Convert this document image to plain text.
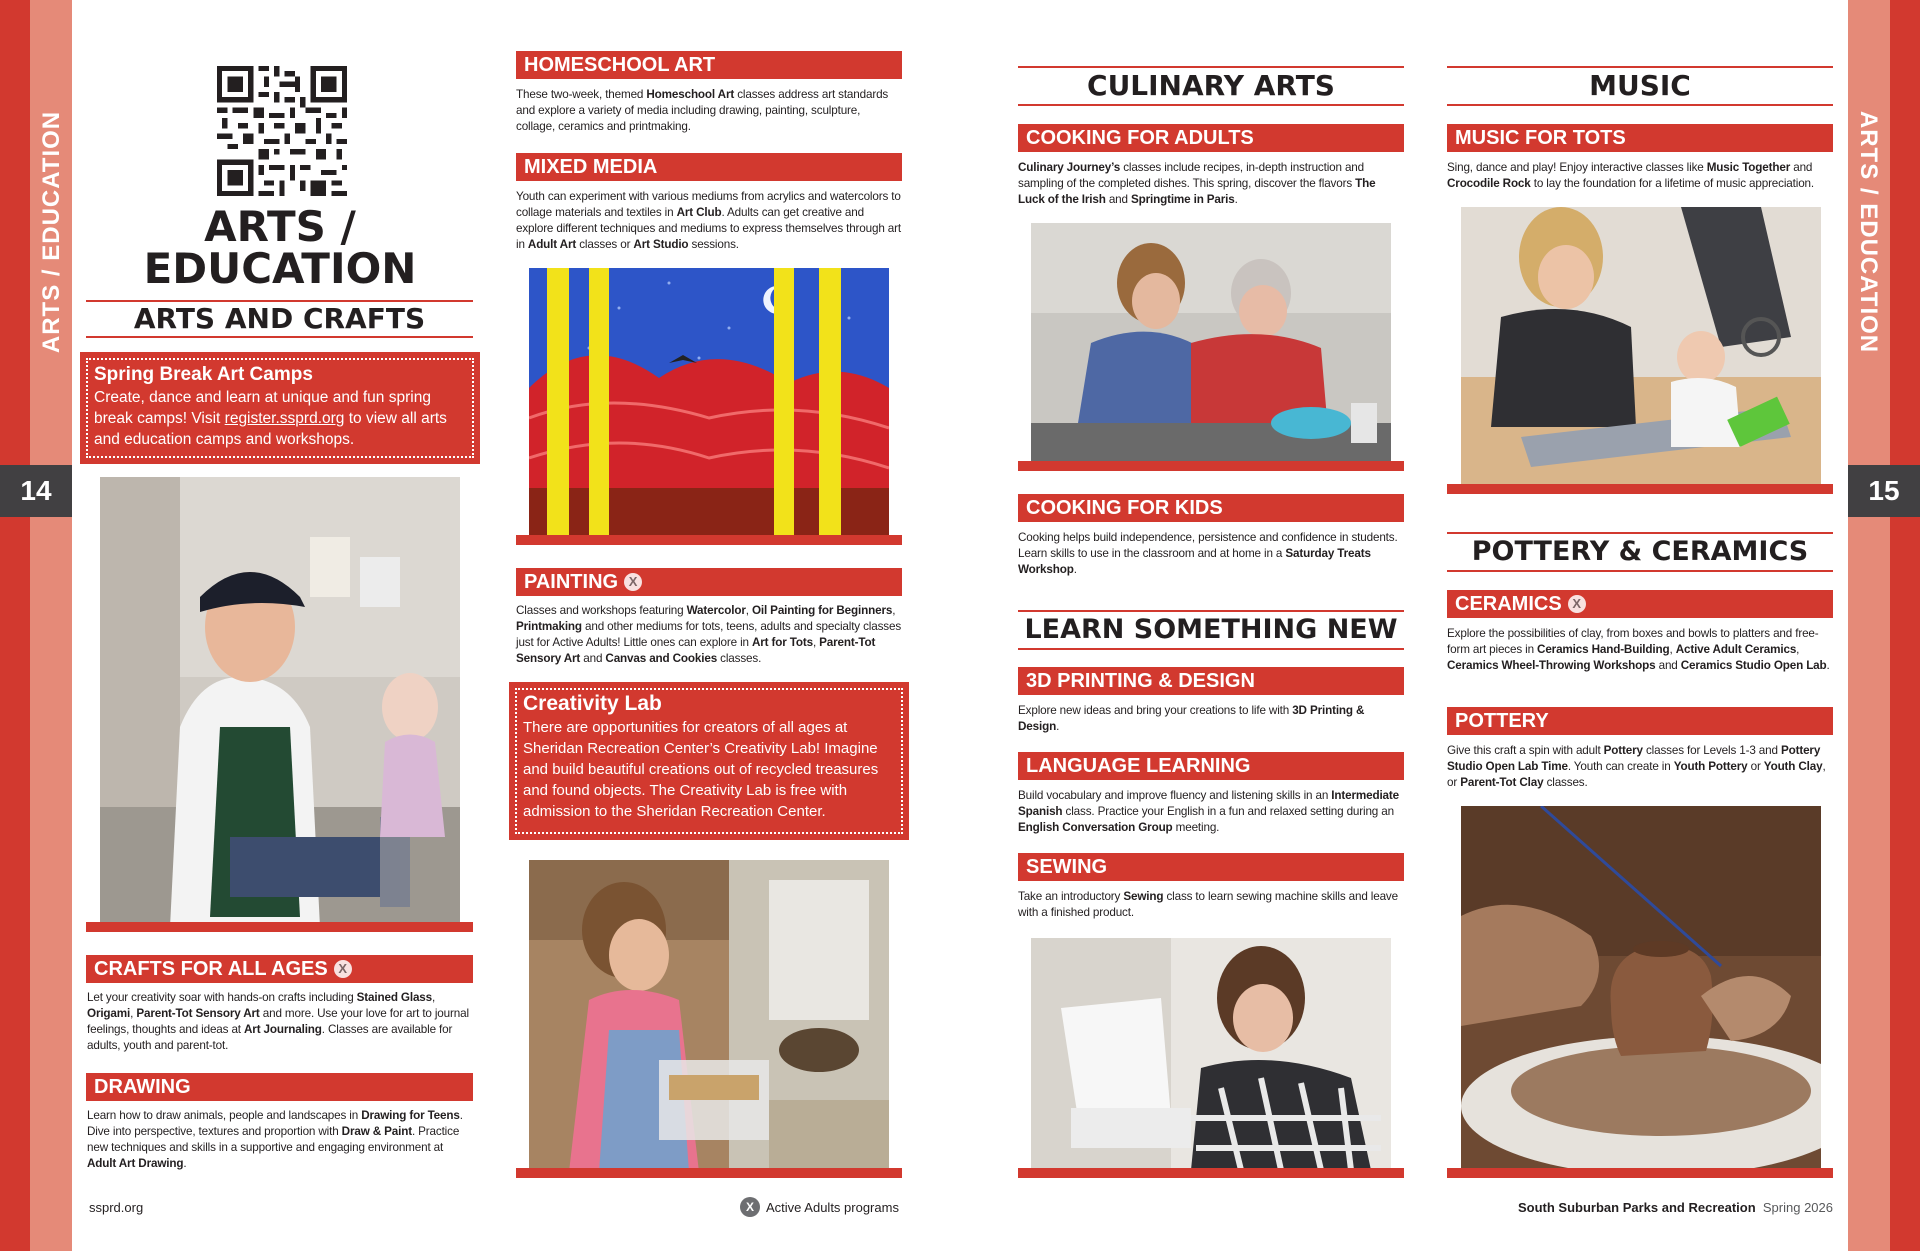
ARTS / EDUCATION	ARTS / EDUCATION
14	15
ARTS /
EDUCATION
ARTS AND CRAFTS
Spring Break Art Camps

Create, dance and learn at unique and fun spring break camps! Visit register.ssprd.org to view all arts and education camps and workshops.

CRAFTS FOR ALL AGES X

Let your creativity soar with hands-on crafts including Stained Glass, Origami, Parent-Tot Sensory Art and more. Use your love for art to journal feelings, thoughts and ideas at Art Journaling. Classes are available for adults, youth and parent-tot.

DRAWING

Learn how to draw animals, people and landscapes in Drawing for Teens. Dive into perspective, textures and proportion with Draw & Paint. Practice new techniques and skills in a supportive and engaging environment at Adult Art Drawing.

HOMESCHOOL ART

These two-week, themed Homeschool Art classes address art standards and explore a variety of media including drawing, painting, sculpture, collage, ceramics and printmaking.

MIXED MEDIA

Youth can experiment with various mediums from acrylics and watercolors to collage materials and textiles in Art Club. Adults can get creative and explore different techniques and mediums to express themselves through art in Adult Art classes or Art Studio sessions.

PAINTING X

Classes and workshops featuring Watercolor, Oil Painting for Beginners, Printmaking and other mediums for tots, teens, adults and specialty classes just for Active Adults! Little ones can explore in Art for Tots, Parent-Tot Sensory Art and Canvas and Cookies classes.

Creativity Lab

There are opportunities for creators of all ages at Sheridan Recreation Center’s Creativity Lab! Imagine and build beautiful creations out of recycled treasures and found objects. The Creativity Lab is free with admission to the Sheridan Recreation Center.

CULINARY ARTS
COOKING FOR ADULTS

Culinary Journey’s classes include recipes, in-depth instruction and sampling of the completed dishes. This spring, discover the flavors The Luck of the Irish and Springtime in Paris.

COOKING FOR KIDS

Cooking helps build independence, persistence and confidence in students. Learn skills to use in the classroom and at home in a Saturday Treats Workshop.

LEARN SOMETHING NEW
3D PRINTING & DESIGN

Explore new ideas and bring your creations to life with 3D Printing & Design.

LANGUAGE LEARNING

Build vocabulary and improve fluency and listening skills in an Intermediate Spanish class. Practice your English in a fun and relaxed setting during an English Conversation Group meeting.

SEWING

Take an introductory Sewing class to learn sewing machine skills and leave with a finished product.

MUSIC
MUSIC FOR TOTS

Sing, dance and play! Enjoy interactive classes like Music Together and Crocodile Rock to lay the foundation for a lifetime of music appreciation.

POTTERY & CERAMICS
CERAMICS X

Explore the possibilities of clay, from boxes and bowls to platters and free-form art pieces in Ceramics Hand-Building, Active Adult Ceramics, Ceramics Wheel-Throwing Workshops and Ceramics Studio Open Lab.

POTTERY

Give this craft a spin with adult Pottery classes for Levels 1-3 and Pottery Studio Open Lab Time. Youth can create in Youth Pottery or Youth Clay, or Parent-Tot Clay classes.

ssprd.org	X Active Adults programs	South Suburban Parks and Recreation Spring 2026
